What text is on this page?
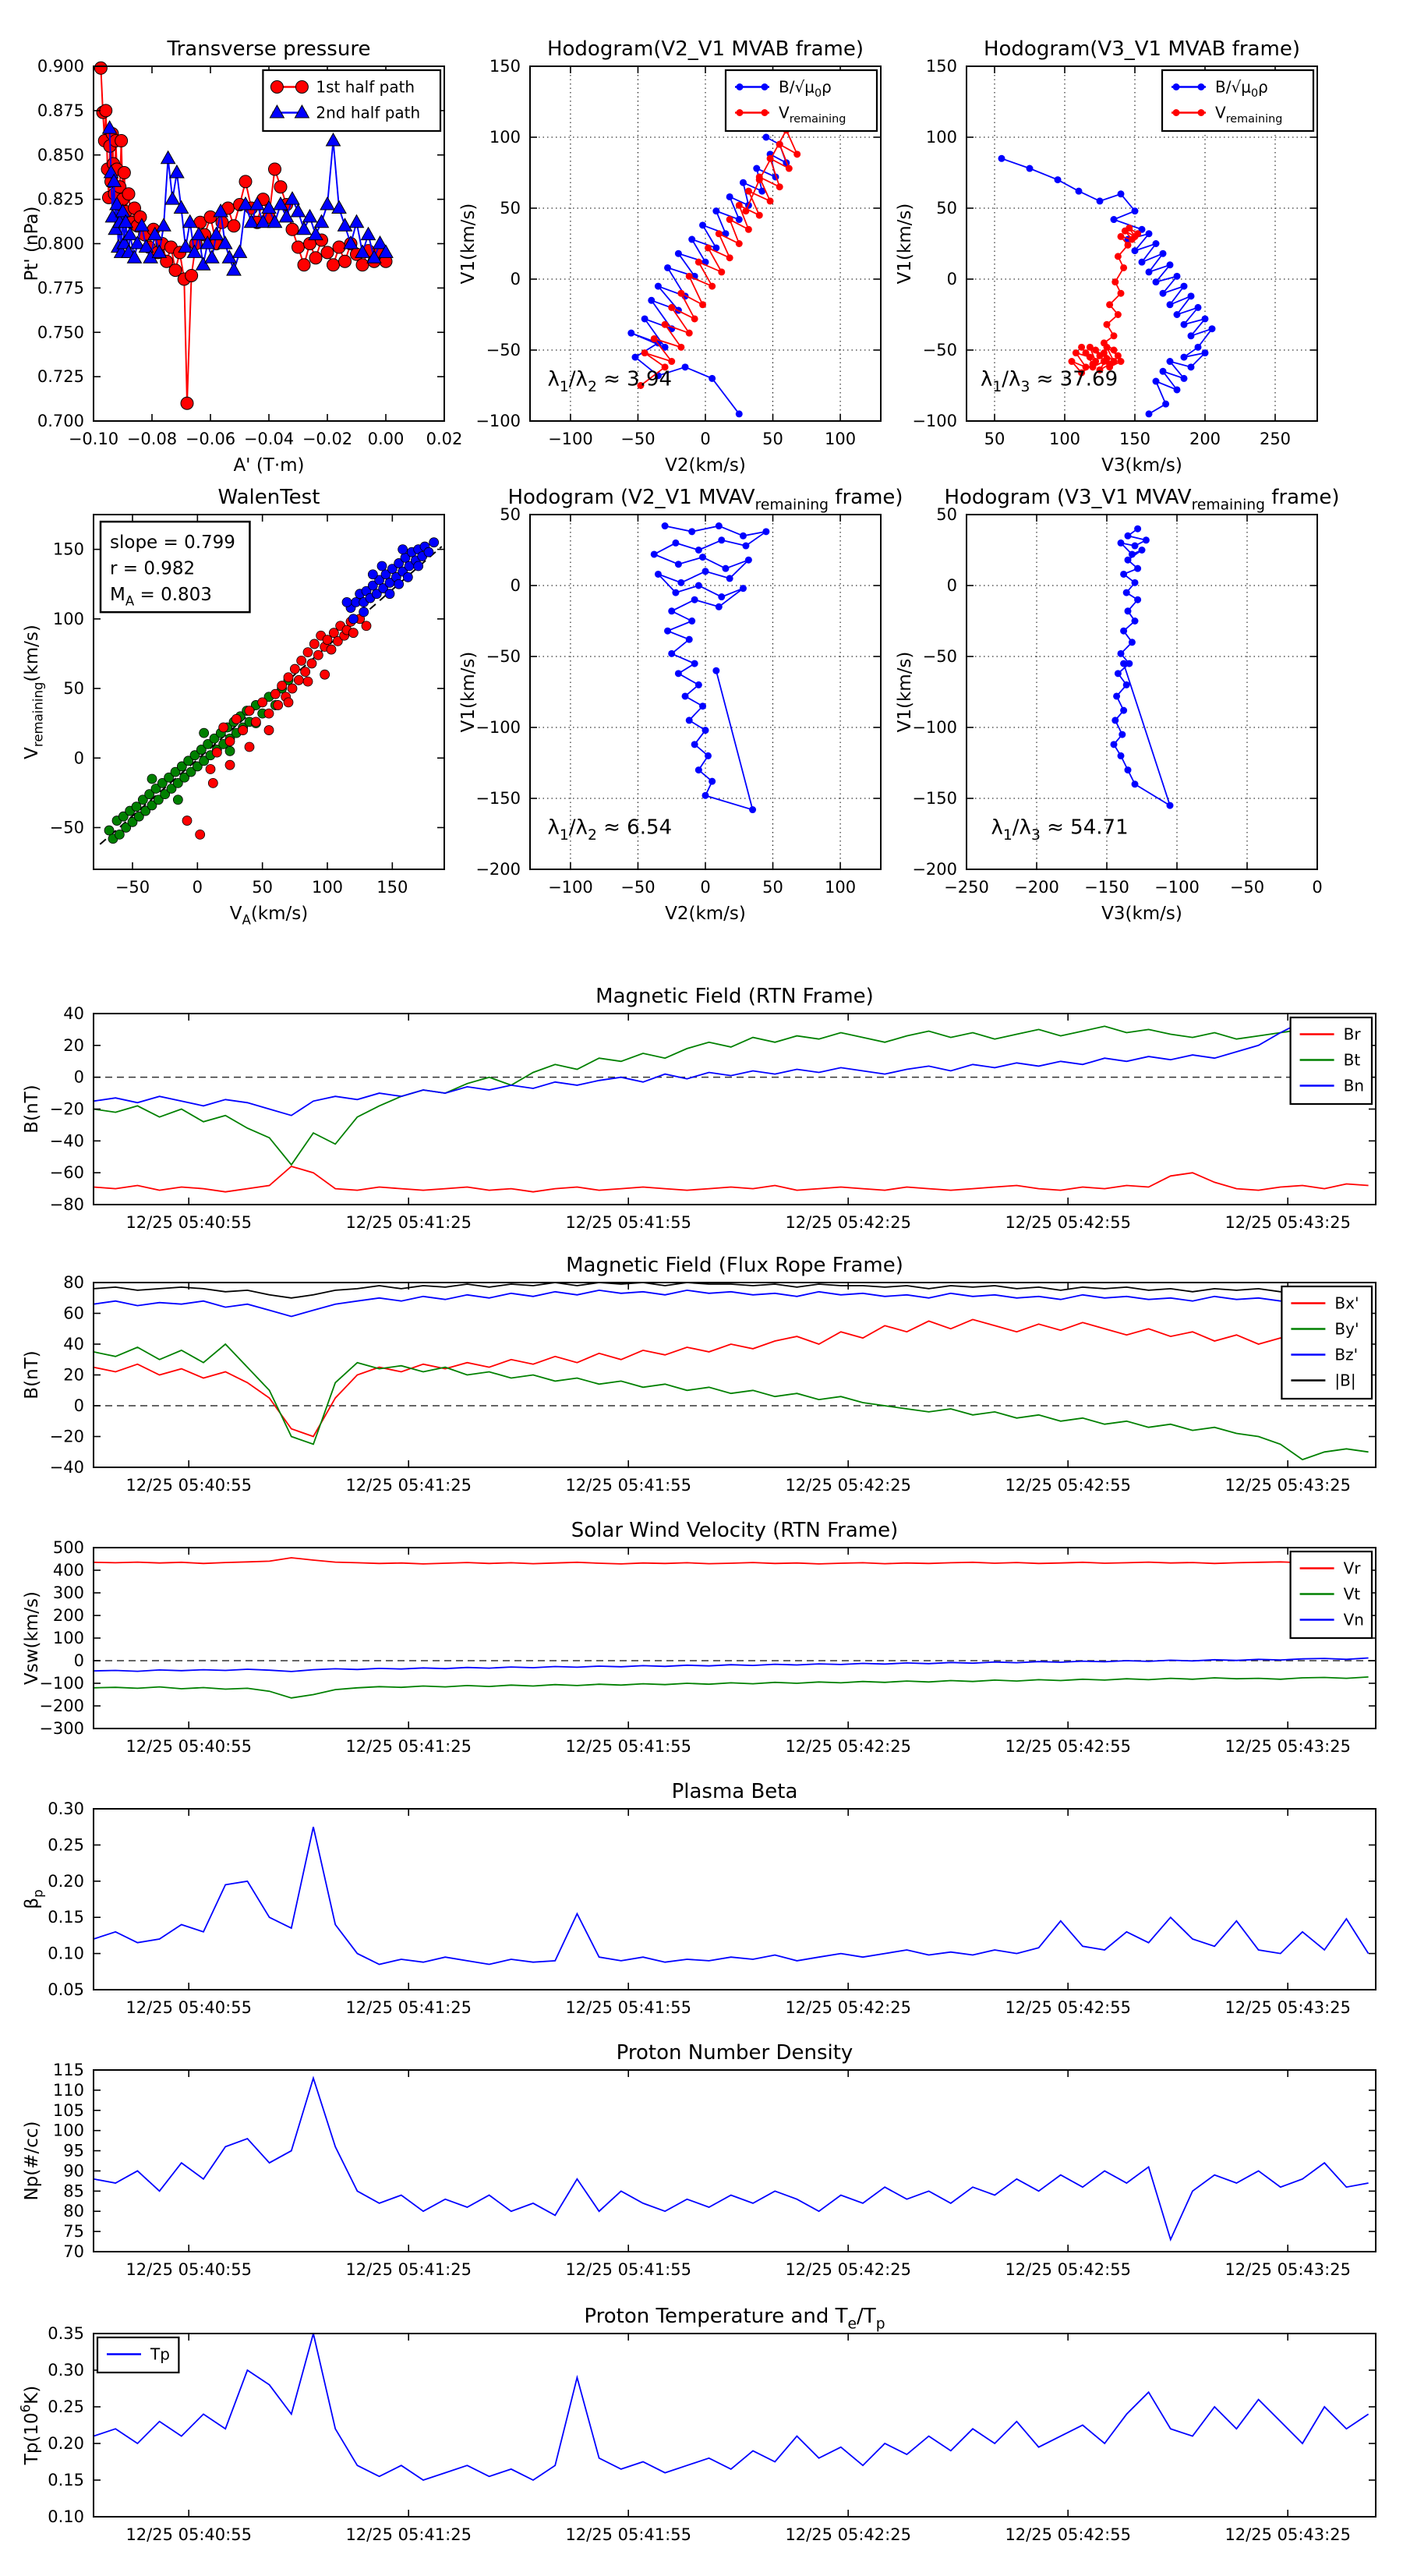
−0.10 −0.08 −0.06 −0.04 −0.02 0.00 0.02
0.700
0.725
0.750
0.775
0.800
0.825
0.850
0.875
0.900
Transverse pressure
A' (T·m)
Pt' (nPa)
1st half path
2nd half path
−100 −50	0	50	100
−100
−50
0
50
100
150
Hodogram(V2_V1 MVAB frame)
V2(km/s)
V1(km/s)
$\lambda_1/\lambda_2 \approx 3.94$
$B/√\mu_0\rho$
$V_{remaining}$
50	100 150 200 250
−100
−50
0
50
100
150
Hodogram(V3_V1 MVAB frame)
V3(km/s)
V1(km/s)
$\lambda_1/\lambda_3 \approx 37.69$
$B/√\mu_0\rho$
$V_{remaining}$
−50	0	50 100 150
−50
0
50
100
150
WalenTest
$V_A(km/s)$
$V_{remaining}(km/s)$
slope = 0.799
r = 0.982
$M_A = 0.803$
−100 −50	0	50	100
−200
−150
−100
−50
0
50
Hodogram (V2_V1 $MVAV_{remaining}$ frame)
V2(km/s)
V1(km/s)
$\lambda_1/\lambda_2 \approx 6.54$
−250 −200 −150 −100 −50	0
−200
−150
−100
−50
0
50
Hodogram (V3_V1 $MVAV_{remaining}$ frame)
V3(km/s)
V1(km/s)
$\lambda_1/\lambda_3 \approx 54.71$
12/25 05:40:55	12/25 05:41:25	12/25 05:41:55	12/25 05:42:25	12/25 05:42:55	12/25 05:43:25
−80
−60
−40
−20
0
20
40
Magnetic Field (RTN Frame)
B(nT)
Br
Bt
Bn
12/25 05:40:55	12/25 05:41:25	12/25 05:41:55	12/25 05:42:25	12/25 05:42:55	12/25 05:43:25
−40
−20
0
20
40
60
80
Magnetic Field (Flux Rope Frame)
B(nT)
Bx'
By'
Bz'
|B|
12/25 05:40:55	12/25 05:41:25	12/25 05:41:55	12/25 05:42:25	12/25 05:42:55	12/25 05:43:25
−300
−200
−100
0
100
200
300
400
500
Solar Wind Velocity (RTN Frame)
Vsw(km/s)
Vr
Vt
Vn
12/25 05:40:55	12/25 05:41:25	12/25 05:41:55	12/25 05:42:25	12/25 05:42:55	12/25 05:43:25
0.05
0.10
0.15
0.20
0.25
0.30
Plasma Beta
$\beta_p$
12/25 05:40:55	12/25 05:41:25	12/25 05:41:55	12/25 05:42:25	12/25 05:42:55	12/25 05:43:25
70
75
80
85
90
95
100
105
110
115
Proton Number Density
Np(#/cc)
12/25 05:40:55	12/25 05:41:25	12/25 05:41:55	12/25 05:42:25	12/25 05:42:55	12/25 05:43:25
0.10
0.15
0.20
0.25
0.30
0.35
Proton Temperature and $T_e/T_p$
$Tp(10^6K)$
Tp
